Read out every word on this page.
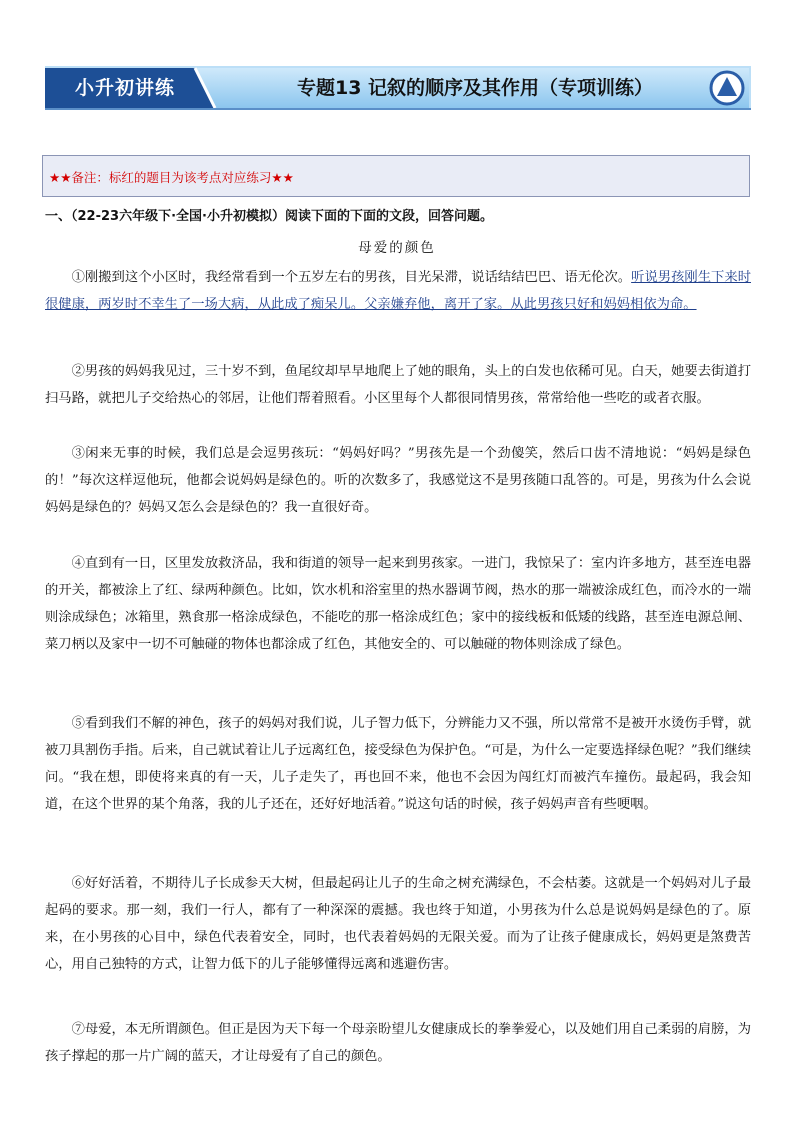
小升初讲练	专题13 记叙的顺序及其作用（专项训练）
★★备注：标红的题目为该考点对应练习★★
一、（22-23六年级下·全国·小升初模拟）阅读下面的下面的文段，回答问题。
母爱的颜色

①刚搬到这个小区时，我经常看到一个五岁左右的男孩，目光呆滞，说话结结巴巴、语无伦次。听说男孩刚生下来时很健康，两岁时不幸生了一场大病，从此成了痴呆儿。父亲嫌弃他，离开了家。从此男孩只好和妈妈相依为命。

②男孩的妈妈我见过，三十岁不到，鱼尾纹却早早地爬上了她的眼角，头上的白发也依稀可见。白天，她要去街道打扫马路，就把儿子交给热心的邻居，让他们帮着照看。小区里每个人都很同情男孩，常常给他一些吃的或者衣服。

③闲来无事的时候，我们总是会逗男孩玩：“妈妈好吗？”男孩先是一个劲傻笑，然后口齿不清地说：“妈妈是绿色的！”每次这样逗他玩，他都会说妈妈是绿色的。听的次数多了，我感觉这不是男孩随口乱答的。可是，男孩为什么会说妈妈是绿色的？妈妈又怎么会是绿色的？我一直很好奇。

④直到有一日，区里发放救济品，我和街道的领导一起来到男孩家。一进门，我惊呆了：室内许多地方，甚至连电器的开关，都被涂上了红、绿两种颜色。比如，饮水机和浴室里的热水器调节阀，热水的那一端被涂成红色，而冷水的一端则涂成绿色；冰箱里，熟食那一格涂成绿色，不能吃的那一格涂成红色；家中的接线板和低矮的线路，甚至连电源总闸、菜刀柄以及家中一切不可触碰的物体也都涂成了红色，其他安全的、可以触碰的物体则涂成了绿色。

⑤看到我们不解的神色，孩子的妈妈对我们说，儿子智力低下，分辨能力又不强，所以常常不是被开水烫伤手臂，就被刀具割伤手指。后来，自己就试着让儿子远离红色，接受绿色为保护色。“可是，为什么一定要选择绿色呢？”我们继续问。“我在想，即使将来真的有一天，儿子走失了，再也回不来，他也不会因为闯红灯而被汽车撞伤。最起码，我会知道，在这个世界的某个角落，我的儿子还在，还好好地活着。”说这句话的时候，孩子妈妈声音有些哽咽。

⑥好好活着，不期待儿子长成参天大树，但最起码让儿子的生命之树充满绿色，不会枯萎。这就是一个妈妈对儿子最起码的要求。那一刻，我们一行人，都有了一种深深的震撼。我也终于知道，小男孩为什么总是说妈妈是绿色的了。原来，在小男孩的心目中，绿色代表着安全，同时，也代表着妈妈的无限关爱。而为了让孩子健康成长，妈妈更是煞费苦心，用自己独特的方式，让智力低下的儿子能够懂得远离和逃避伤害。

⑦母爱，本无所谓颜色。但正是因为天下每一个母亲盼望儿女健康成长的拳拳爱心，以及她们用自己柔弱的肩膀，为孩子撑起的那一片广阔的蓝天，才让母爱有了自己的颜色。
